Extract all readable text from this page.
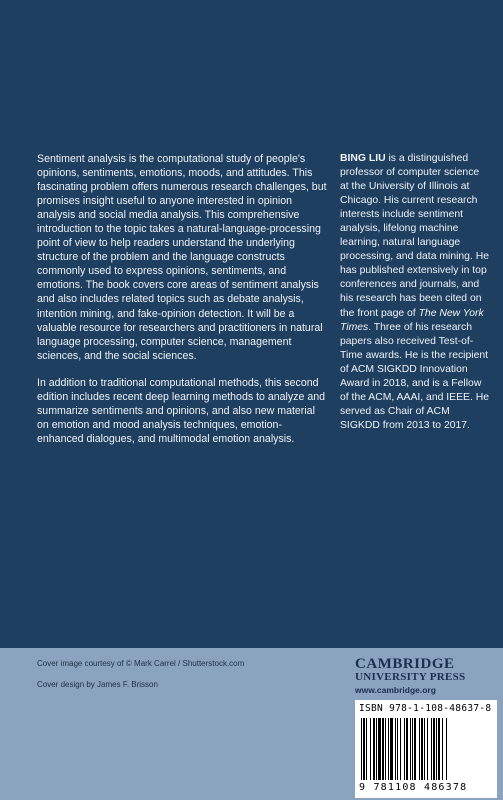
Sentiment analysis is the computational study of people's opinions, sentiments, emotions, moods, and attitudes. This fascinating problem offers numerous research challenges, but promises insight useful to anyone interested in opinion analysis and social media analysis. This comprehensive introduction to the topic takes a natural-language-processing point of view to help readers understand the underlying structure of the problem and the language constructs commonly used to express opinions, sentiments, and emotions. The book covers core areas of sentiment analysis and also includes related topics such as debate analysis, intention mining, and fake-opinion detection. It will be a valuable resource for researchers and practitioners in natural language processing, computer science, management sciences, and the social sciences.

In addition to traditional computational methods, this second edition includes recent deep learning methods to analyze and summarize sentiments and opinions, and also new material on emotion and mood analysis techniques, emotion-enhanced dialogues, and multimodal emotion analysis.

BING LIU is a distinguished professor of computer science at the University of Illinois at Chicago. His current research interests include sentiment analysis, lifelong machine learning, natural language processing, and data mining. He has published extensively in top conferences and journals, and his research has been cited on the front page of The New York Times. Three of his research papers also received Test-of-Time awards. He is the recipient of ACM SIGKDD Innovation Award in 2018, and is a Fellow of the ACM, AAAI, and IEEE. He served as Chair of ACM SIGKDD from 2013 to 2017.
Cover image courtesy of © Mark Carrel / Shutterstock.com
Cover design by James F. Brisson
CAMBRIDGE
UNIVERSITY PRESS
www.cambridge.org
ISBN 978-1-108-48637-8
9 781108 486378
